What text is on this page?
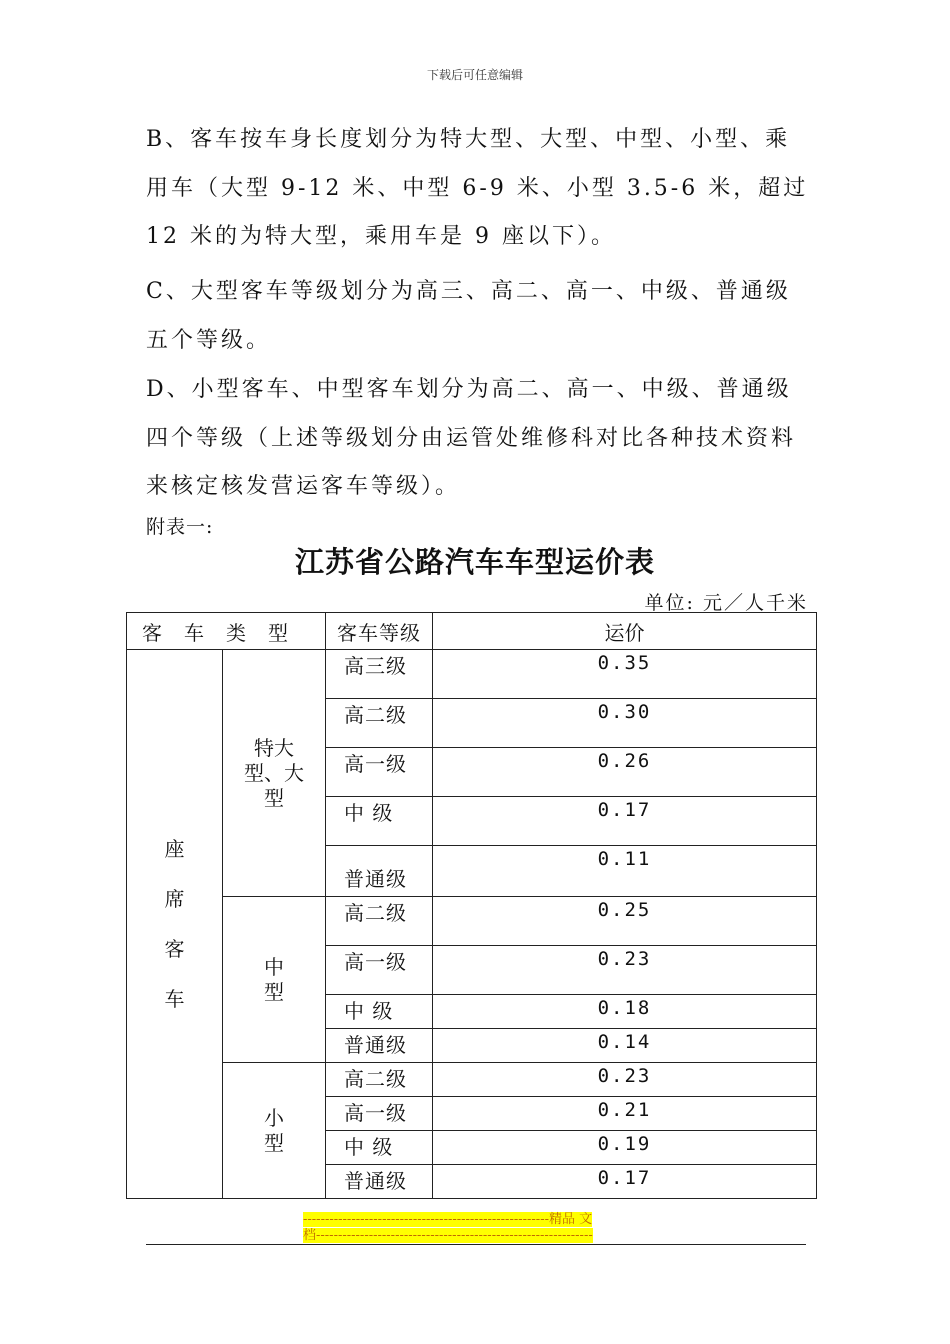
下载后可任意编辑

B、客车按车身长度划分为特大型、大型、中型、小型、乘用车（大型 9-12 米、中型 6-9 米、小型 3.5-6 米，超过 12 米的为特大型，乘用车是 9 座以下）。

C、大型客车等级划分为高三、高二、高一、中级、普通级五个等级。

D、小型客车、中型客车划分为高二、高一、中级、普通级四个等级（上述等级划分由运管处维修科对比各种技术资料来核定核发营运客车等级）。

附表一:
江苏省公路汽车车型运价表
单位: 元／人千米
客车类型		客车等级	运价
座席客车	特大型、大型	高三级	0.35
		高二级	0.30
		高一级	0.26
		中 级	0.17
		普通级	0.11
	中型	高二级	0.25
		高一级	0.23
		中 级	0.18
		普通级	0.14
	小型	高二级	0.23
		高一级	0.21
		中 级	0.19
		普通级	0.17
--------------------------------------------------------精品 文
档---------------------------------------------------------------
